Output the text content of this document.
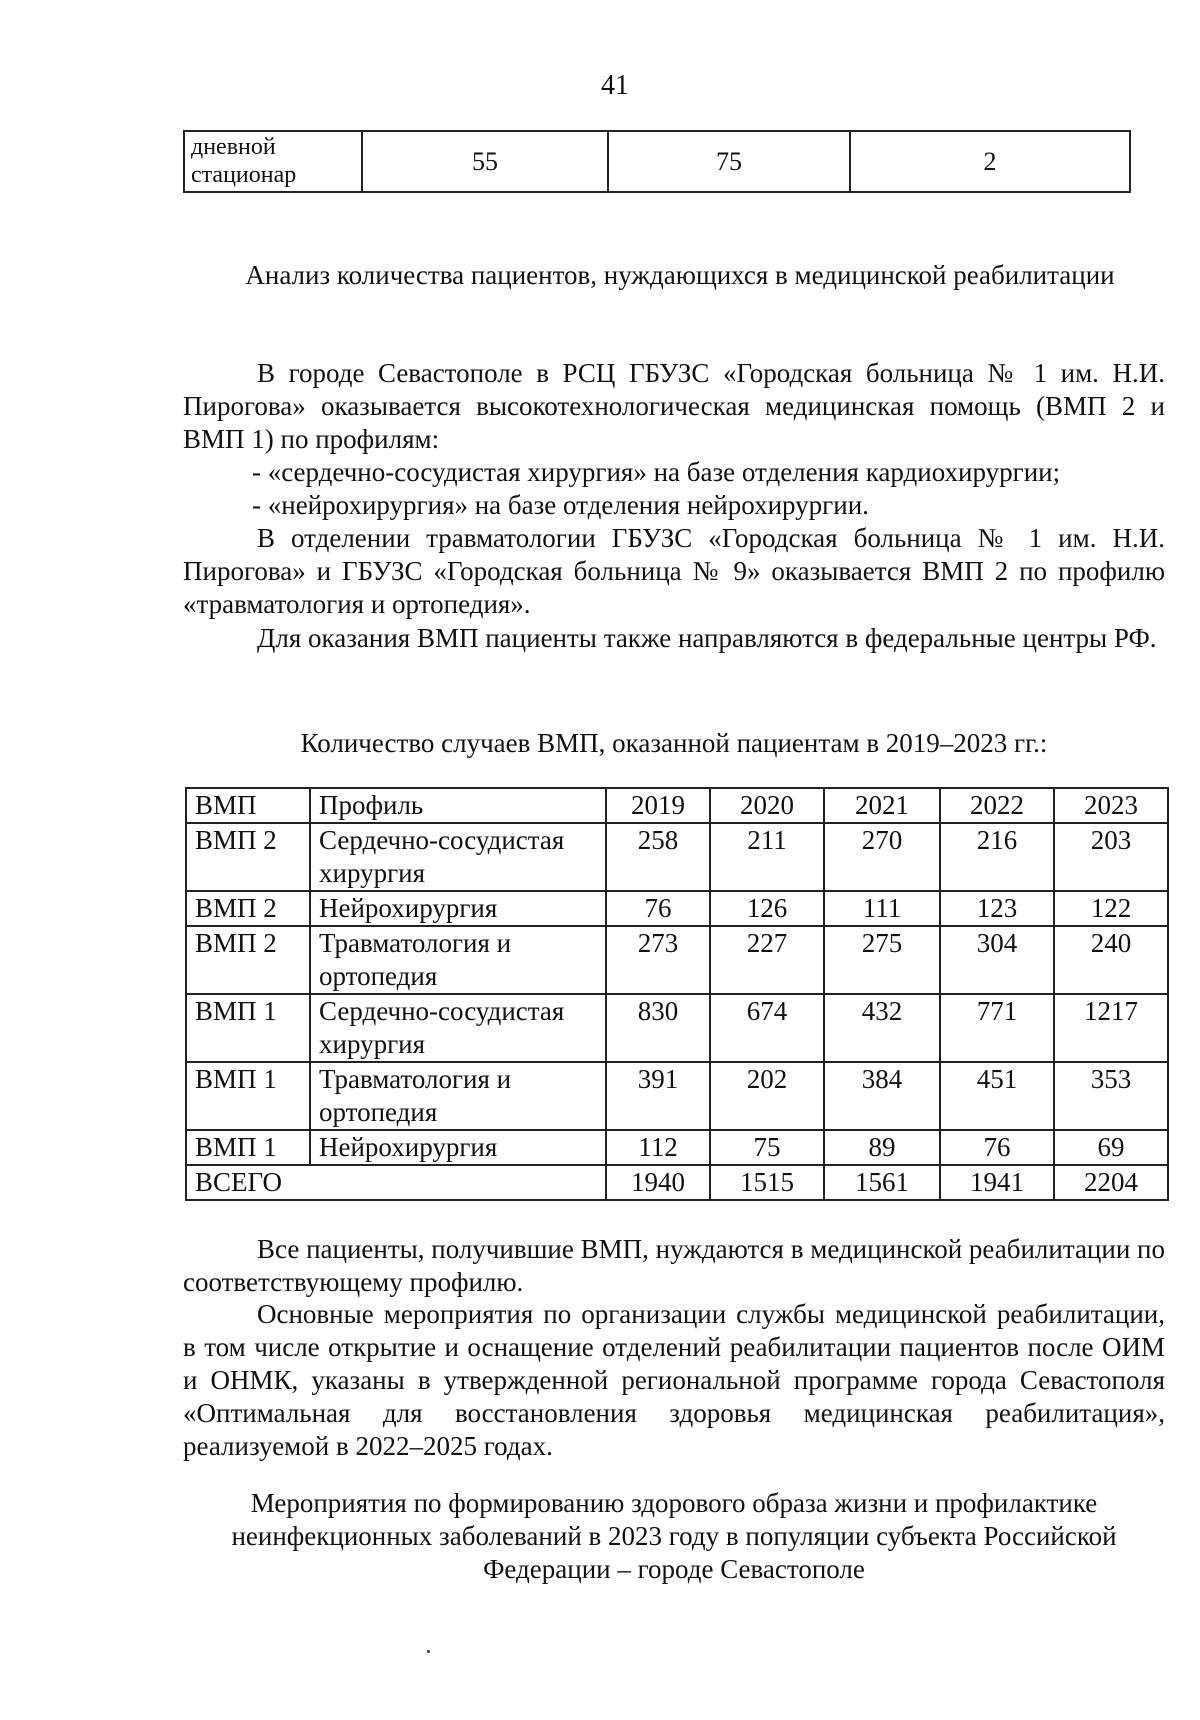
41
дневной стационар	55	75	2
Анализ количества пациентов, нуждающихся в медицинской реабилитации
В городе Севастополе в РСЦ ГБУЗС «Городская больница № 1 им. Н.И. Пирогова» оказывается высокотехнологическая медицинская помощь (ВМП 2 и ВМП 1) по профилям:
- «сердечно-сосудистая хирургия» на базе отделения кардиохирургии;
- «нейрохирургия» на базе отделения нейрохирургии.
В отделении травматологии ГБУЗС «Городская больница № 1 им. Н.И. Пирогова» и ГБУЗС «Городская больница № 9» оказывается ВМП 2 по профилю «травматология и ортопедия».
Для оказания ВМП пациенты также направляются в федеральные центры РФ.
Количество случаев ВМП, оказанной пациентам в 2019–2023 гг.:
ВМП	Профиль	2019	2020	2021	2022	2023
ВМП 2	Сердечно-сосудистая хирургия	258	211	270	216	203
ВМП 2	Нейрохирургия	76	126	111	123	122
ВМП 2	Травматология и ортопедия	273	227	275	304	240
ВМП 1	Сердечно-сосудистая хирургия	830	674	432	771	1217
ВМП 1	Травматология и ортопедия	391	202	384	451	353
ВМП 1	Нейрохирургия	112	75	89	76	69
ВСЕГО		1940	1515	1561	1941	2204
Все пациенты, получившие ВМП, нуждаются в медицинской реабилитации по соответствующему профилю.
Основные мероприятия по организации службы медицинской реабилитации, в том числе открытие и оснащение отделений реабилитации пациентов после ОИМ и ОНМК, указаны в утвержденной региональной программе города Севастополя «Оптимальная для восстановления здоровья медицинская реабилитация», реализуемой в 2022–2025 годах.
Мероприятия по формированию здорового образа жизни и профилактике неинфекционных заболеваний в 2023 году в популяции субъекта Российской Федерации – городе Севастополе
